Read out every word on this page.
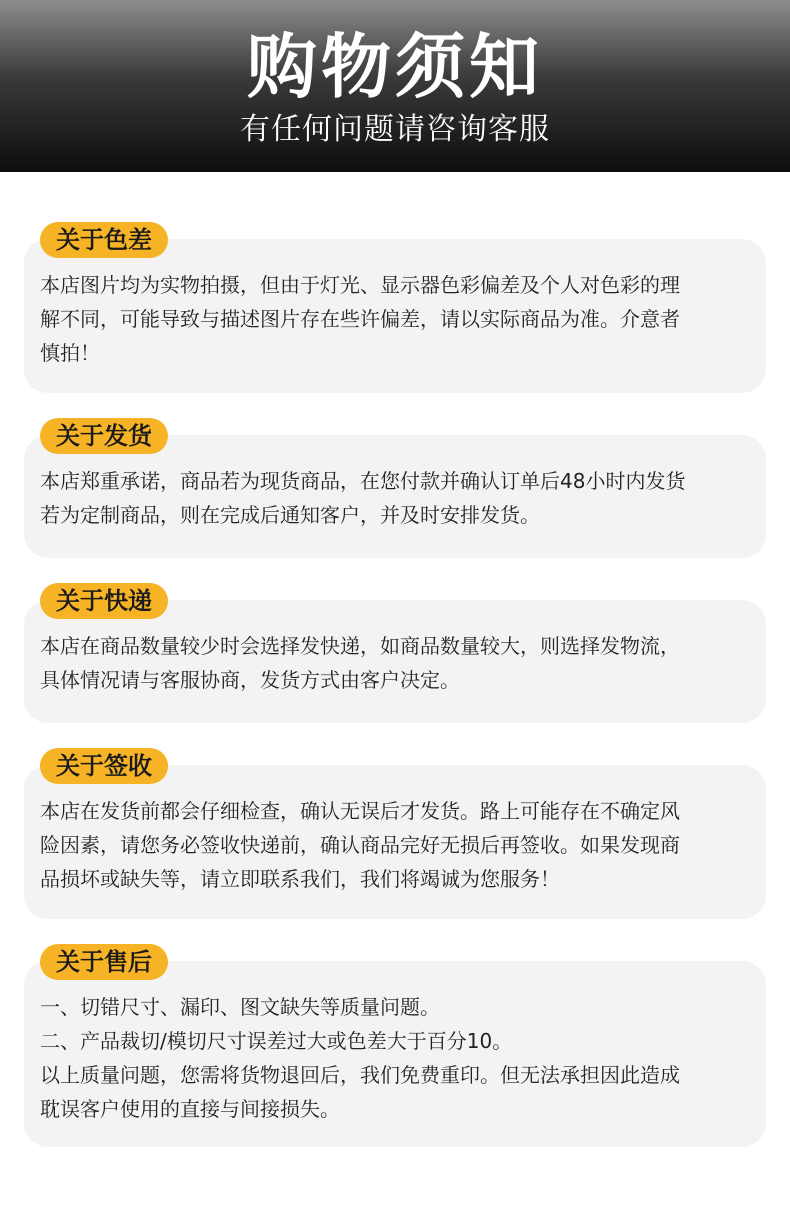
购物须知
有任何问题请咨询客服
关于色差

本店图片均为实物拍摄，但由于灯光、显示器色彩偏差及个人对色彩的理

解不同，可能导致与描述图片存在些许偏差，请以实际商品为准。介意者

慎拍！

关于发货

本店郑重承诺，商品若为现货商品，在您付款并确认订单后48小时内发货

若为定制商品，则在完成后通知客户，并及时安排发货。

关于快递

本店在商品数量较少时会选择发快递，如商品数量较大，则选择发物流，

具体情况请与客服协商，发货方式由客户决定。

关于签收

本店在发货前都会仔细检查，确认无误后才发货。路上可能存在不确定风

险因素，请您务必签收快递前，确认商品完好无损后再签收。如果发现商

品损坏或缺失等，请立即联系我们，我们将竭诚为您服务！

关于售后

一、切错尺寸、漏印、图文缺失等质量问题。

二、产品裁切/模切尺寸误差过大或色差大于百分10。

以上质量问题，您需将货物退回后，我们免费重印。但无法承担因此造成

耽误客户使用的直接与间接损失。
